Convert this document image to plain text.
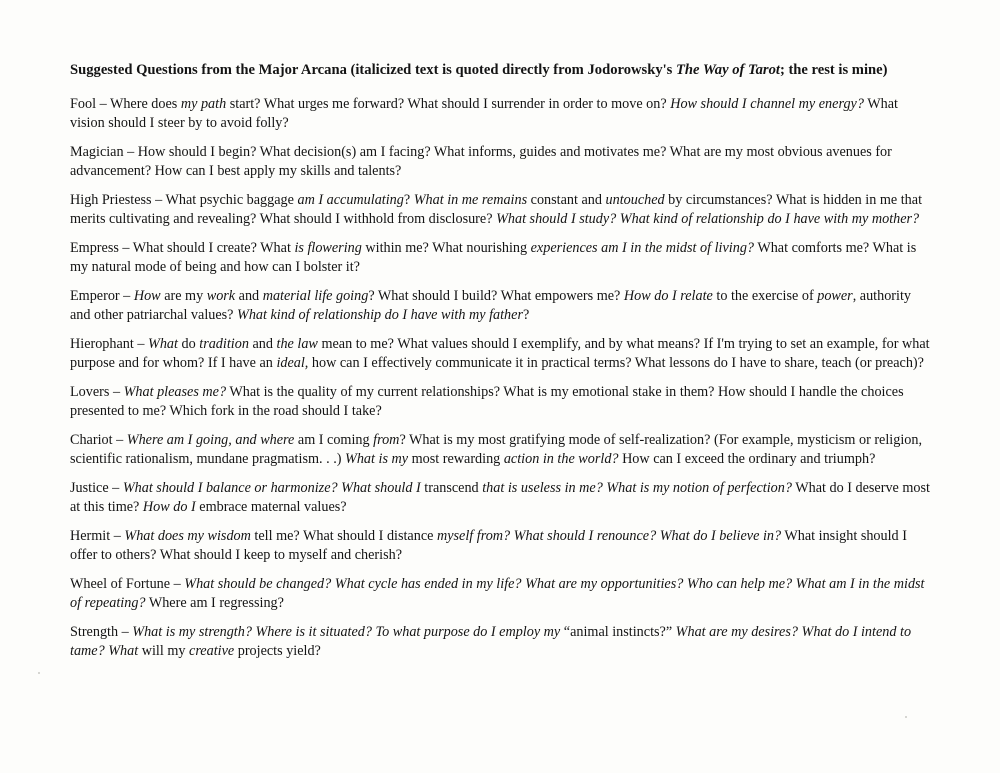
Suggested Questions from the Major Arcana (italicized text is quoted directly from Jodorowsky's The Way of Tarot; the rest is mine)

Fool – Where does my path start? What urges me forward? What should I surrender in order to move on? How should I channel my energy? What vision should I steer by to avoid folly?

Magician – How should I begin? What decision(s) am I facing? What informs, guides and motivates me? What are my most obvious avenues for advancement? How can I best apply my skills and talents?

High Priestess – What psychic baggage am I accumulating? What in me remains constant and untouched by circumstances? What is hidden in me that merits cultivating and revealing? What should I withhold from disclosure? What should I study? What kind of relationship do I have with my mother?

Empress – What should I create? What is flowering within me? What nourishing experiences am I in the midst of living? What comforts me? What is my natural mode of being and how can I bolster it?

Emperor – How are my work and material life going? What should I build? What empowers me? How do I relate to the exercise of power, authority and other patriarchal values? What kind of relationship do I have with my father?

Hierophant – What do tradition and the law mean to me? What values should I exemplify, and by what means? If I'm trying to set an example, for what purpose and for whom? If I have an ideal, how can I effectively communicate it in practical terms? What lessons do I have to share, teach (or preach)?

Lovers – What pleases me? What is the quality of my current relationships? What is my emotional stake in them? How should I handle the choices presented to me? Which fork in the road should I take?

Chariot – Where am I going, and where am I coming from? What is my most gratifying mode of self-realization? (For example, mysticism or religion, scientific rationalism, mundane pragmatism. . .) What is my most rewarding action in the world? How can I exceed the ordinary and triumph?

Justice – What should I balance or harmonize? What should I transcend that is useless in me? What is my notion of perfection? What do I deserve most at this time? How do I embrace maternal values?

Hermit – What does my wisdom tell me? What should I distance myself from? What should I renounce? What do I believe in? What insight should I offer to others? What should I keep to myself and cherish?

Wheel of Fortune – What should be changed? What cycle has ended in my life? What are my opportunities? Who can help me? What am I in the midst of repeating? Where am I regressing?

Strength – What is my strength? Where is it situated? To what purpose do I employ my “animal instincts?” What are my desires? What do I intend to tame? What will my creative projects yield?
